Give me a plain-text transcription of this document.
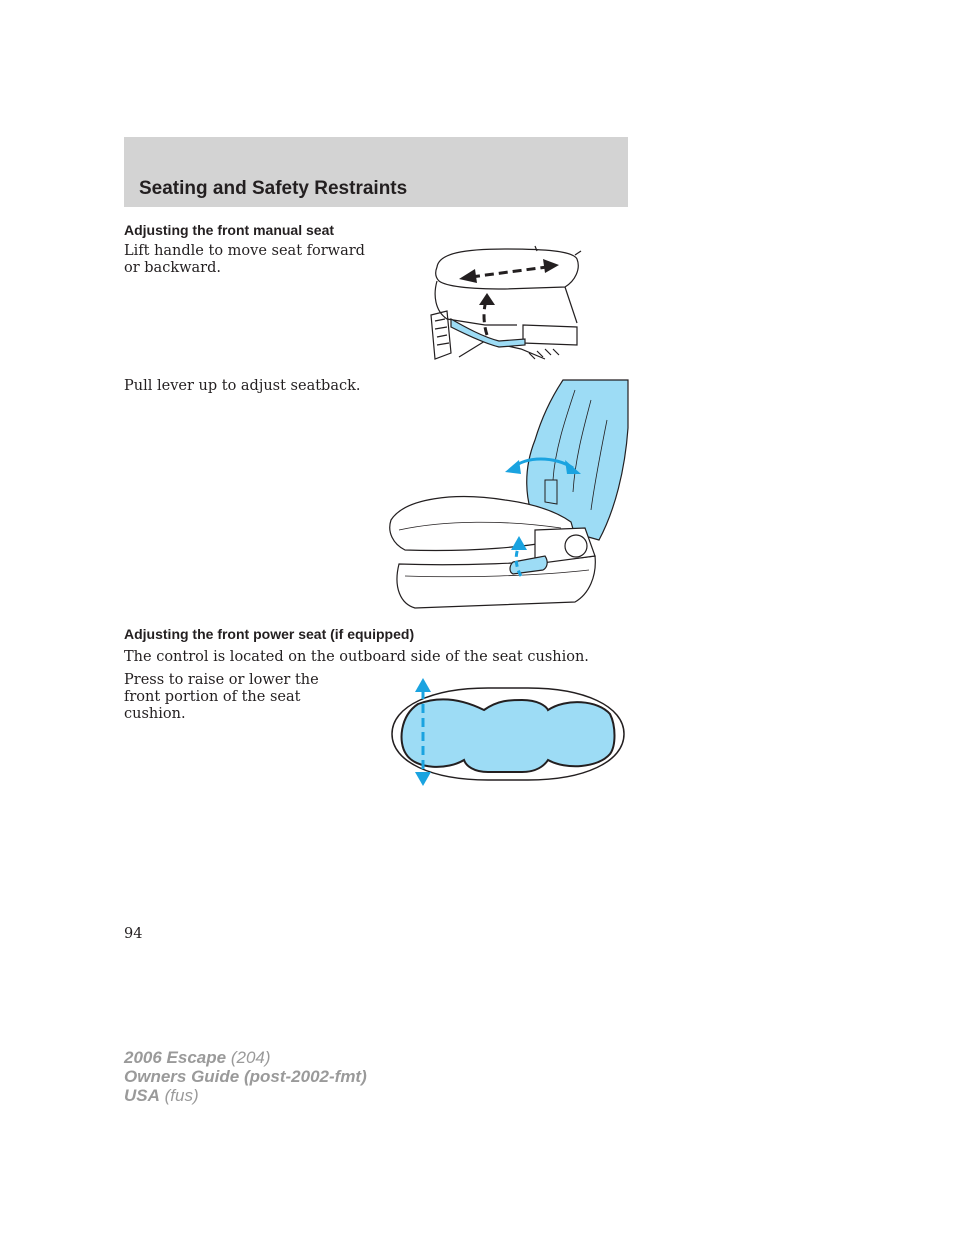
Seating and Safety Restraints
Adjusting the front manual seat

Lift handle to move seat forward or backward.

Pull lever up to adjust seatback.

Adjusting the front power seat (if equipped)

The control is located on the outboard side of the seat cushion.

Press to raise or lower the front portion of the seat cushion.

94
2006 Escape (204)
Owners Guide (post-2002-fmt)
USA (fus)
